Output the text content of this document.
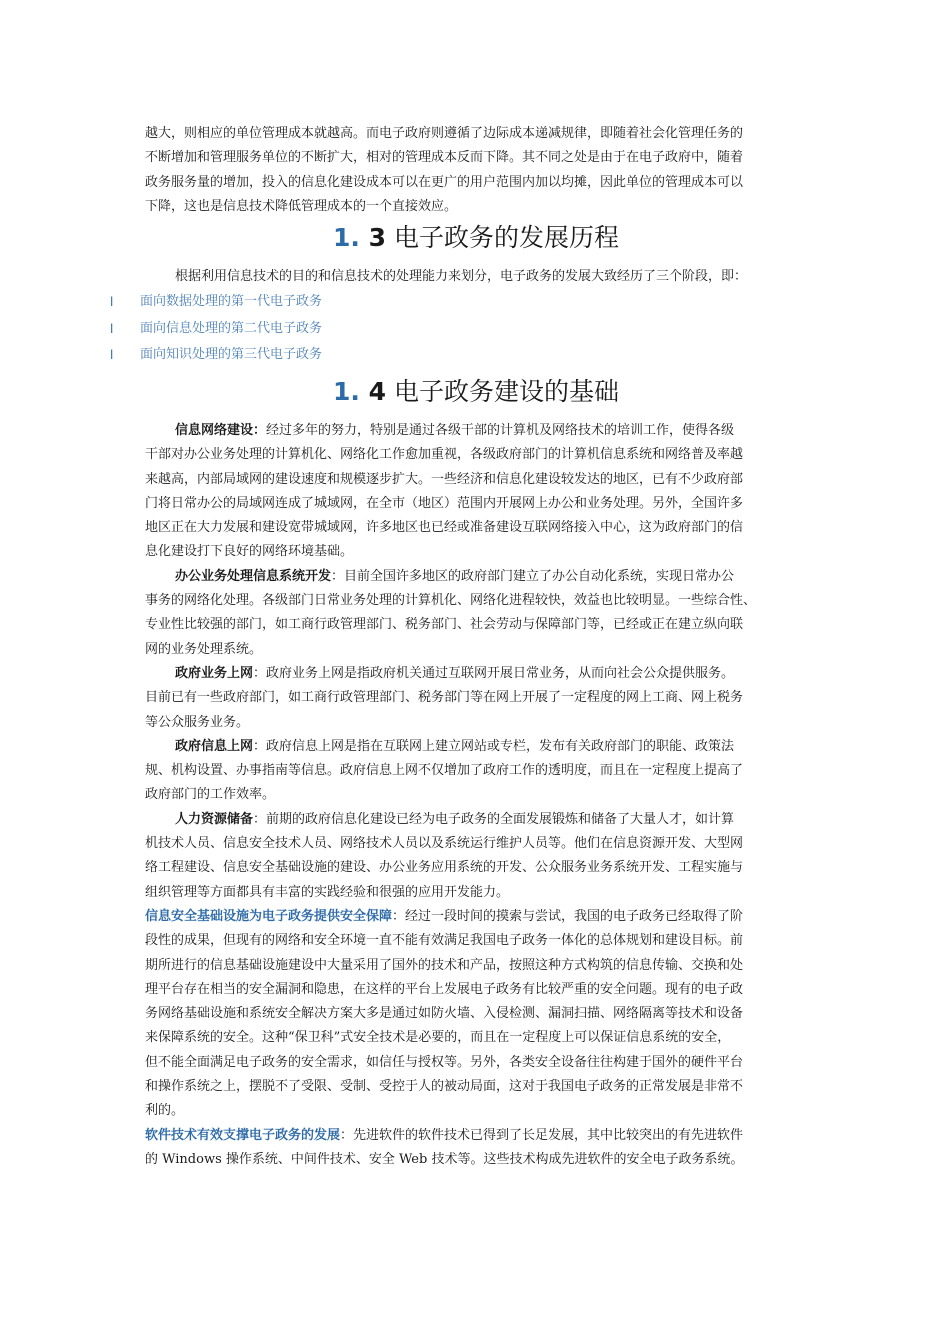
越大，则相应的单位管理成本就越高。而电子政府则遵循了边际成本递减规律，即随着社会化管理任务的
不断增加和管理服务单位的不断扩大，相对的管理成本反而下降。其不同之处是由于在电子政府中，随着
政务服务量的增加，投入的信息化建设成本可以在更广的用户范围内加以均摊，因此单位的管理成本可以
下降，这也是信息技术降低管理成本的一个直接效应。
1. 3 电子政务的发展历程
根据利用信息技术的目的和信息技术的处理能力来划分，电子政务的发展大致经历了三个阶段，即：
l 面向数据处理的第一代电子政务
l 面向信息处理的第二代电子政务
l 面向知识处理的第三代电子政务
1. 4 电子政务建设的基础
信息网络建设：经过多年的努力，特别是通过各级干部的计算机及网络技术的培训工作，使得各级
干部对办公业务处理的计算机化、网络化工作愈加重视，各级政府部门的计算机信息系统和网络普及率越
来越高，内部局域网的建设速度和规模逐步扩大。一些经济和信息化建设较发达的地区，已有不少政府部
门将日常办公的局域网连成了城域网，在全市（地区）范围内开展网上办公和业务处理。另外，全国许多
地区正在大力发展和建设宽带城域网，许多地区也已经或准备建设互联网络接入中心，这为政府部门的信
息化建设打下良好的网络环境基础。
办公业务处理信息系统开发：目前全国许多地区的政府部门建立了办公自动化系统，实现日常办公
事务的网络化处理。各级部门日常业务处理的计算机化、网络化进程较快，效益也比较明显。一些综合性、
专业性比较强的部门，如工商行政管理部门、税务部门、社会劳动与保障部门等，已经或正在建立纵向联
网的业务处理系统。
政府业务上网：政府业务上网是指政府机关通过互联网开展日常业务，从而向社会公众提供服务。
目前已有一些政府部门，如工商行政管理部门、税务部门等在网上开展了一定程度的网上工商、网上税务
等公众服务业务。
政府信息上网：政府信息上网是指在互联网上建立网站或专栏，发布有关政府部门的职能、政策法
规、机构设置、办事指南等信息。政府信息上网不仅增加了政府工作的透明度，而且在一定程度上提高了
政府部门的工作效率。
人力资源储备：前期的政府信息化建设已经为电子政务的全面发展锻炼和储备了大量人才，如计算
机技术人员、信息安全技术人员、网络技术人员以及系统运行维护人员等。他们在信息资源开发、大型网
络工程建设、信息安全基础设施的建设、办公业务应用系统的开发、公众服务业务系统开发、工程实施与
组织管理等方面都具有丰富的实践经验和很强的应用开发能力。
信息安全基础设施为电子政务提供安全保障：经过一段时间的摸索与尝试，我国的电子政务已经取得了阶
段性的成果，但现有的网络和安全环境一直不能有效满足我国电子政务一体化的总体规划和建设目标。前
期所进行的信息基础设施建设中大量采用了国外的技术和产品，按照这种方式构筑的信息传输、交换和处
理平台存在相当的安全漏洞和隐患，在这样的平台上发展电子政务有比较严重的安全问题。现有的电子政
务网络基础设施和系统安全解决方案大多是通过如防火墙、入侵检测、漏洞扫描、网络隔离等技术和设备
来保障系统的安全。这种“保卫科”式安全技术是必要的，而且在一定程度上可以保证信息系统的安全，
但不能全面满足电子政务的安全需求，如信任与授权等。另外，各类安全设备往往构建于国外的硬件平台
和操作系统之上，摆脱不了受限、受制、受控于人的被动局面，这对于我国电子政务的正常发展是非常不
利的。
软件技术有效支撑电子政务的发展：先进软件的软件技术已得到了长足发展，其中比较突出的有先进软件
的 Windows 操作系统、中间件技术、安全 Web 技术等。这些技术构成先进软件的安全电子政务系统。
